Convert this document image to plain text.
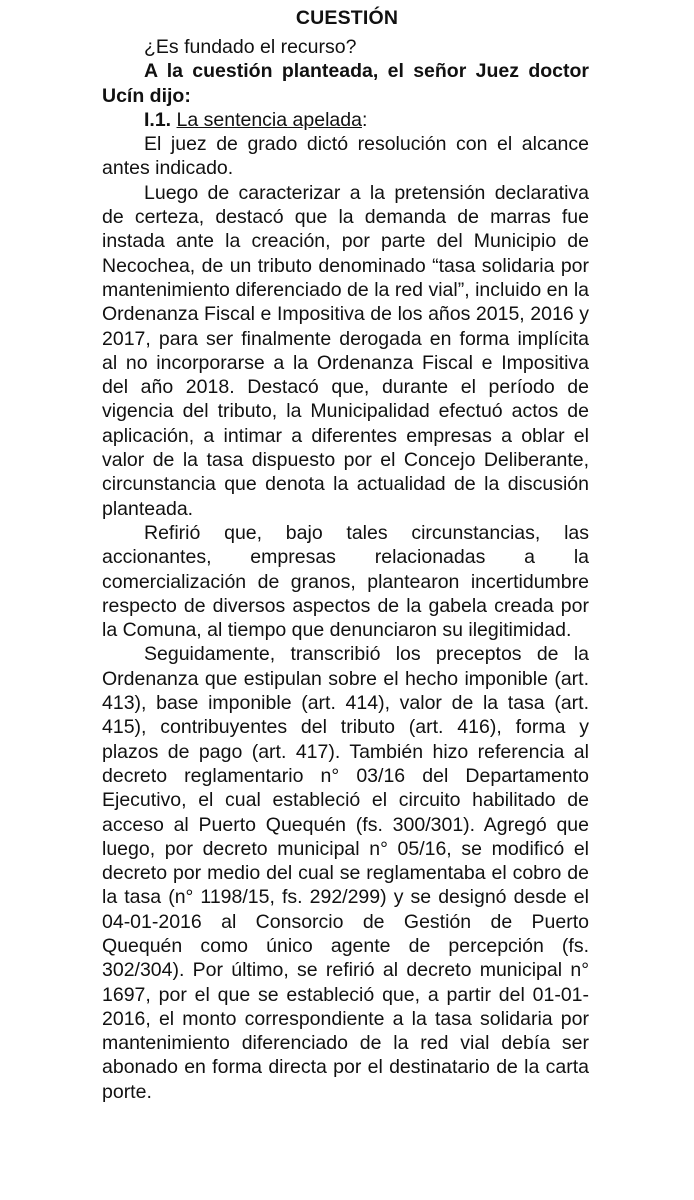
CUESTIÓN

¿Es fundado el recurso?

A la cuestión planteada, el señor Juez doctor Ucín dijo:

I.1. La sentencia apelada:

El juez de grado dictó resolución con el alcance antes indicado.

Luego de caracterizar a la pretensión declarativa de certeza, destacó que la demanda de marras fue instada ante la creación, por parte del Municipio de Necochea, de un tributo denominado “tasa solidaria por mantenimiento diferenciado de la red vial”, incluido en la Ordenanza Fiscal e Impositiva de los años 2015, 2016 y 2017, para ser finalmente derogada en forma implícita al no incorporarse a la Ordenanza Fiscal e Impositiva del año 2018. Destacó que, durante el período de vigencia del tributo, la Municipalidad efectuó actos de aplicación, a intimar a diferentes empresas a oblar el valor de la tasa dispuesto por el Concejo Deliberante, circunstancia que denota la actualidad de la discusión planteada.

Refirió que, bajo tales circunstancias, las accionantes, empresas relacionadas a la comercialización de granos, plantearon incertidumbre respecto de diversos aspectos de la gabela creada por la Comuna, al tiempo que denunciaron su ilegitimidad.

Seguidamente, transcribió los preceptos de la Ordenanza que estipulan sobre el hecho imponible (art. 413), base imponible (art. 414), valor de la tasa (art. 415), contribuyentes del tributo (art. 416), forma y plazos de pago (art. 417). También hizo referencia al decreto reglamentario n° 03/16 del Departamento Ejecutivo, el cual estableció el circuito habilitado de acceso al Puerto Quequén (fs. 300/301). Agregó que luego, por decreto municipal n° 05/16, se modificó el decreto por medio del cual se reglamentaba el cobro de la tasa (n° 1198/15, fs. 292/299) y se designó desde el 04-01-2016 al Consorcio de Gestión de Puerto Quequén como único agente de percepción (fs. 302/304). Por último, se refirió al decreto municipal n° 1697, por el que se estableció que, a partir del 01-01-2016, el monto correspondiente a la tasa solidaria por mantenimiento diferenciado de la red vial debía ser abonado en forma directa por el destinatario de la carta porte.
